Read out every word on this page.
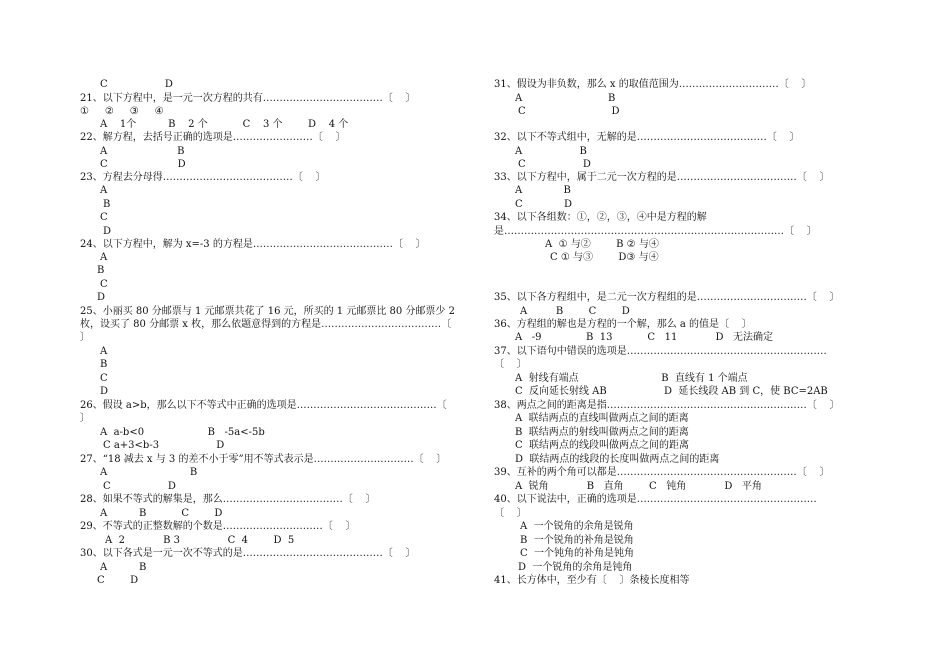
C                  D
21、以下方程中，是一元一次方程的共有………………………………〔    〕
①     ②     ③     ④
A    1个          B    2 个           C    3 个        D    4 个
22、解方程，去括号正确的选项是……………………〔    〕
A                      B
C                      D
23、方程去分母得…………………………………〔    〕
A
B
C
D
24、以下方程中，解为 x=-3 的方程是……………………………………〔    〕
A
B
C
D
25、小丽买 80 分邮票与 1 元邮票共花了 16 元，所买的 1 元邮票比 80 分邮票少 2
枚，设买了 80 分邮票 x 枚，那么依题意得到的方程是………………………………〔
〕
A
B
C
D
26、假设 a>b，那么以下不等式中正确的选项是……………………………………〔
〕
A  a-b<0                    B   -5a<-5b
C a+3<b-3                  D
27、“18 减去 x 与 3 的差不小于零”用不等式表示是…………………………〔    〕
A                          B
C                  D
28、如果不等式的解集是，那么………………………………〔    〕
A          B           C        D
29、不等式的正整数解的个数是…………………………〔    〕
A  2            B 3               C  4        D  5
30、以下各式是一元一次不等式的是……………………………………〔    〕
A          B
C        D
31、假设为非负数，那么 x 的取值范围为…………………………〔    〕
A                           B
C                           D
32、以下不等式组中，无解的是…………………………………〔    〕
A                  B
C                  D
33、以下方程中，属于二元一次方程的是………………………………〔    〕
A             B
C             D
34、以下各组数：①，②，③，④中是方程的解
是…………………………………………………………………………〔    〕
A  ① 与②        B ② 与④
C ① 与③        D③ 与④
35、以下各方程组中，是二元一次方程组的是……………………………〔    〕
A         B        C        D
36、方程组的解也是方程的一个解，那么 a 的值是〔    〕
A   -9              B  13           C   11            D   无法确定
37、以下语句中错误的选项是……………………………………………………
〔    〕
A  射线有端点                          B  直线有 1 个端点
C  反向延长射线 AB                  D  延长线段 AB 到 C，使 BC=2AB
38、两点之间的距离是指……………………………………………………〔    〕
A  联结两点的直线叫做两点之间的距离
B  联结两点的射线叫做两点之间的距离
C  联结两点的线段叫做两点之间的距离
D  联结两点的线段的长度叫做两点之间的距离
39、互补的两个角可以都是………………………………………………〔    〕
A  锐角            B   直角        C   钝角            D   平角
40、以下说法中，正确的选项是………………………………………………
〔    〕
A  一个锐角的余角是锐角
B  一个锐角的补角是锐角
C  一个钝角的补角是钝角
D  一个锐角的余角是钝角
41、长方体中，至少有〔    〕条棱长度相等
